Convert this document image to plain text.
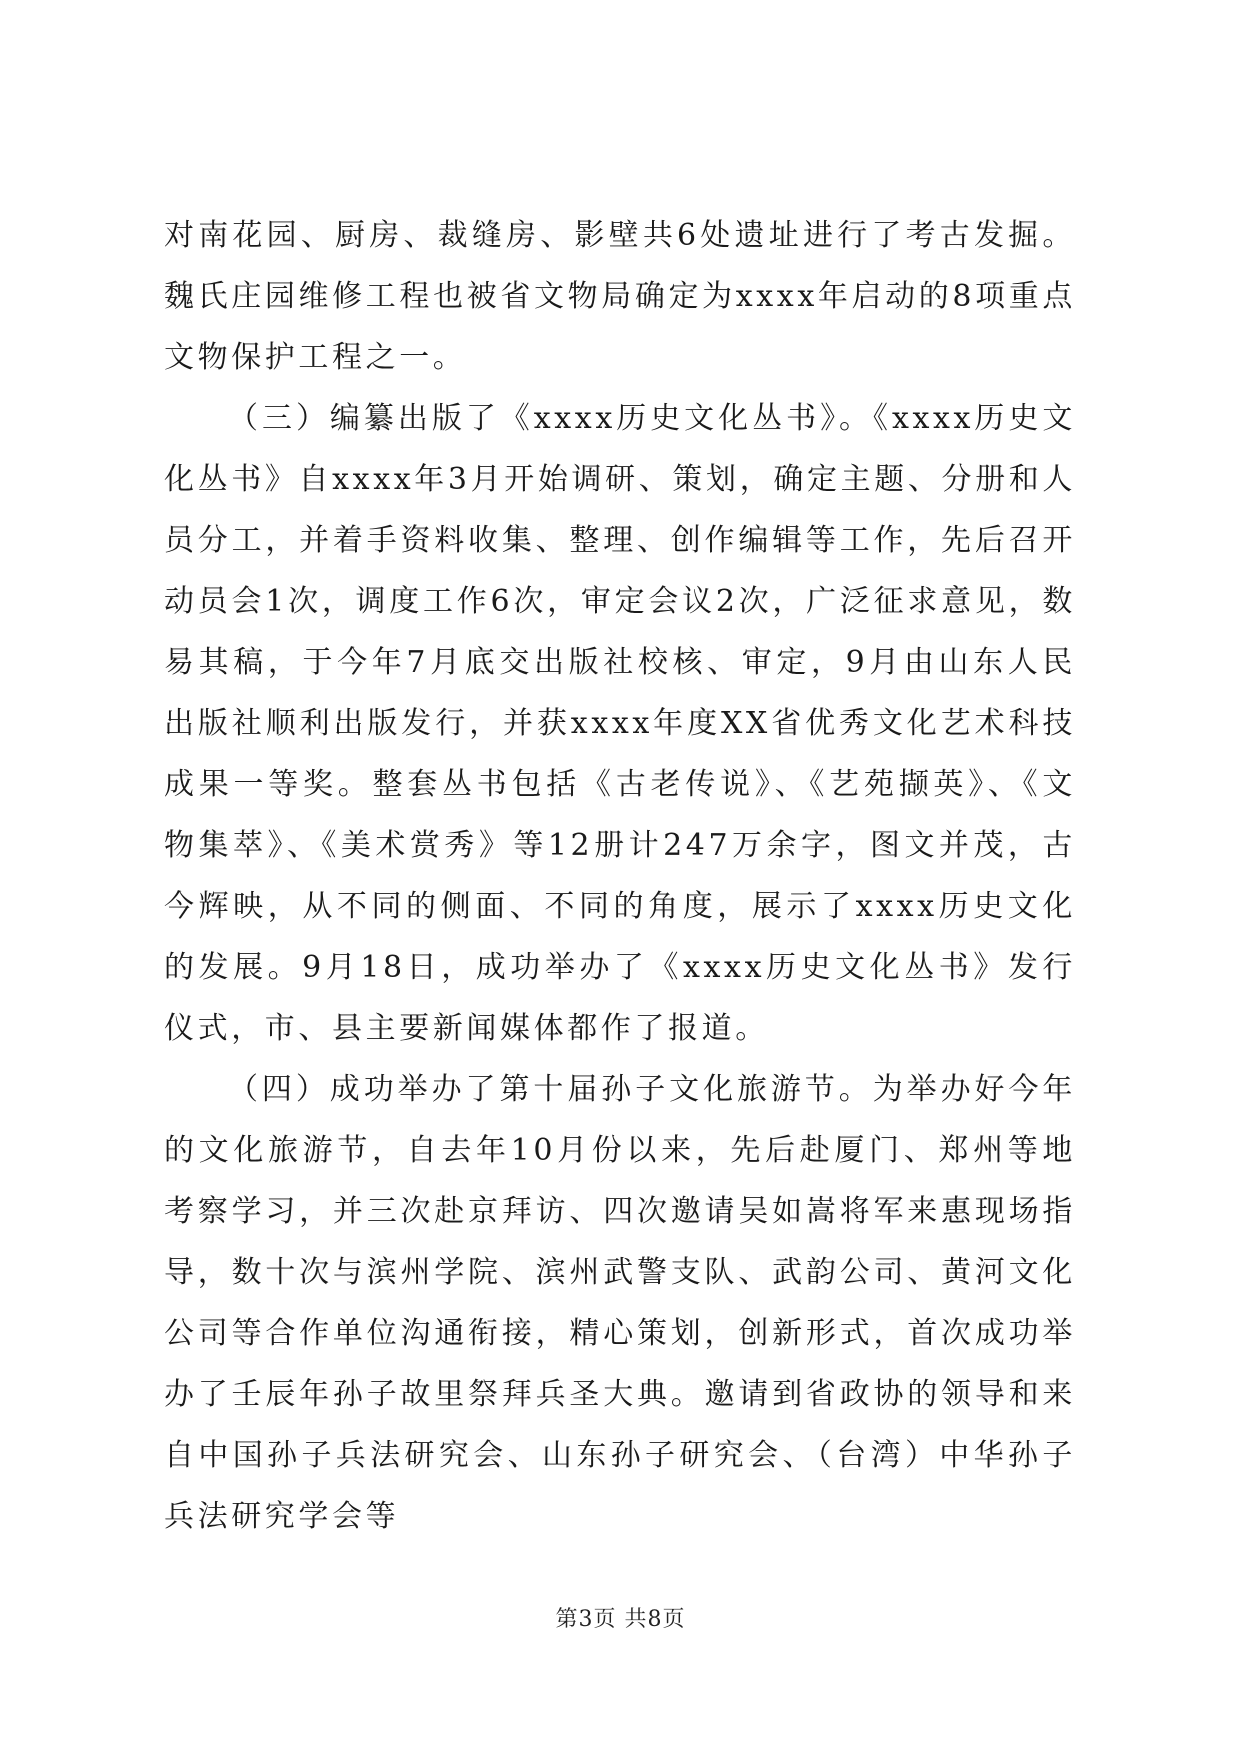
对南花园、厨房、裁缝房、影壁共6处遗址进行了考古发掘。魏氏庄园维修工程也被省文物局确定为xxxx年启动的8项重点文物保护工程之一。

（三）编纂出版了《xxxx历史文化丛书》。《xxxx历史文化丛书》自xxxx年3月开始调研、策划，确定主题、分册和人员分工，并着手资料收集、整理、创作编辑等工作，先后召开动员会1次，调度工作6次，审定会议2次，广泛征求意见，数易其稿，于今年7月底交出版社校核、审定，9月由山东人民出版社顺利出版发行，并获xxxx年度XX省优秀文化艺术科技成果一等奖。整套丛书包括《古老传说》、《艺苑撷英》、《文物集萃》、《美术赏秀》等12册计247万余字，图文并茂，古今辉映，从不同的侧面、不同的角度，展示了xxxx历史文化的发展。9月18日，成功举办了《xxxx历史文化丛书》发行仪式，市、县主要新闻媒体都作了报道。

（四）成功举办了第十届孙子文化旅游节。为举办好今年的文化旅游节，自去年10月份以来，先后赴厦门、郑州等地考察学习，并三次赴京拜访、四次邀请吴如嵩将军来惠现场指导，数十次与滨州学院、滨州武警支队、武韵公司、黄河文化公司等合作单位沟通衔接，精心策划，创新形式，首次成功举办了壬辰年孙子故里祭拜兵圣大典。邀请到省政协的领导和来自中国孙子兵法研究会、山东孙子研究会、（台湾）中华孙子兵法研究学会等

第3页 共8页
